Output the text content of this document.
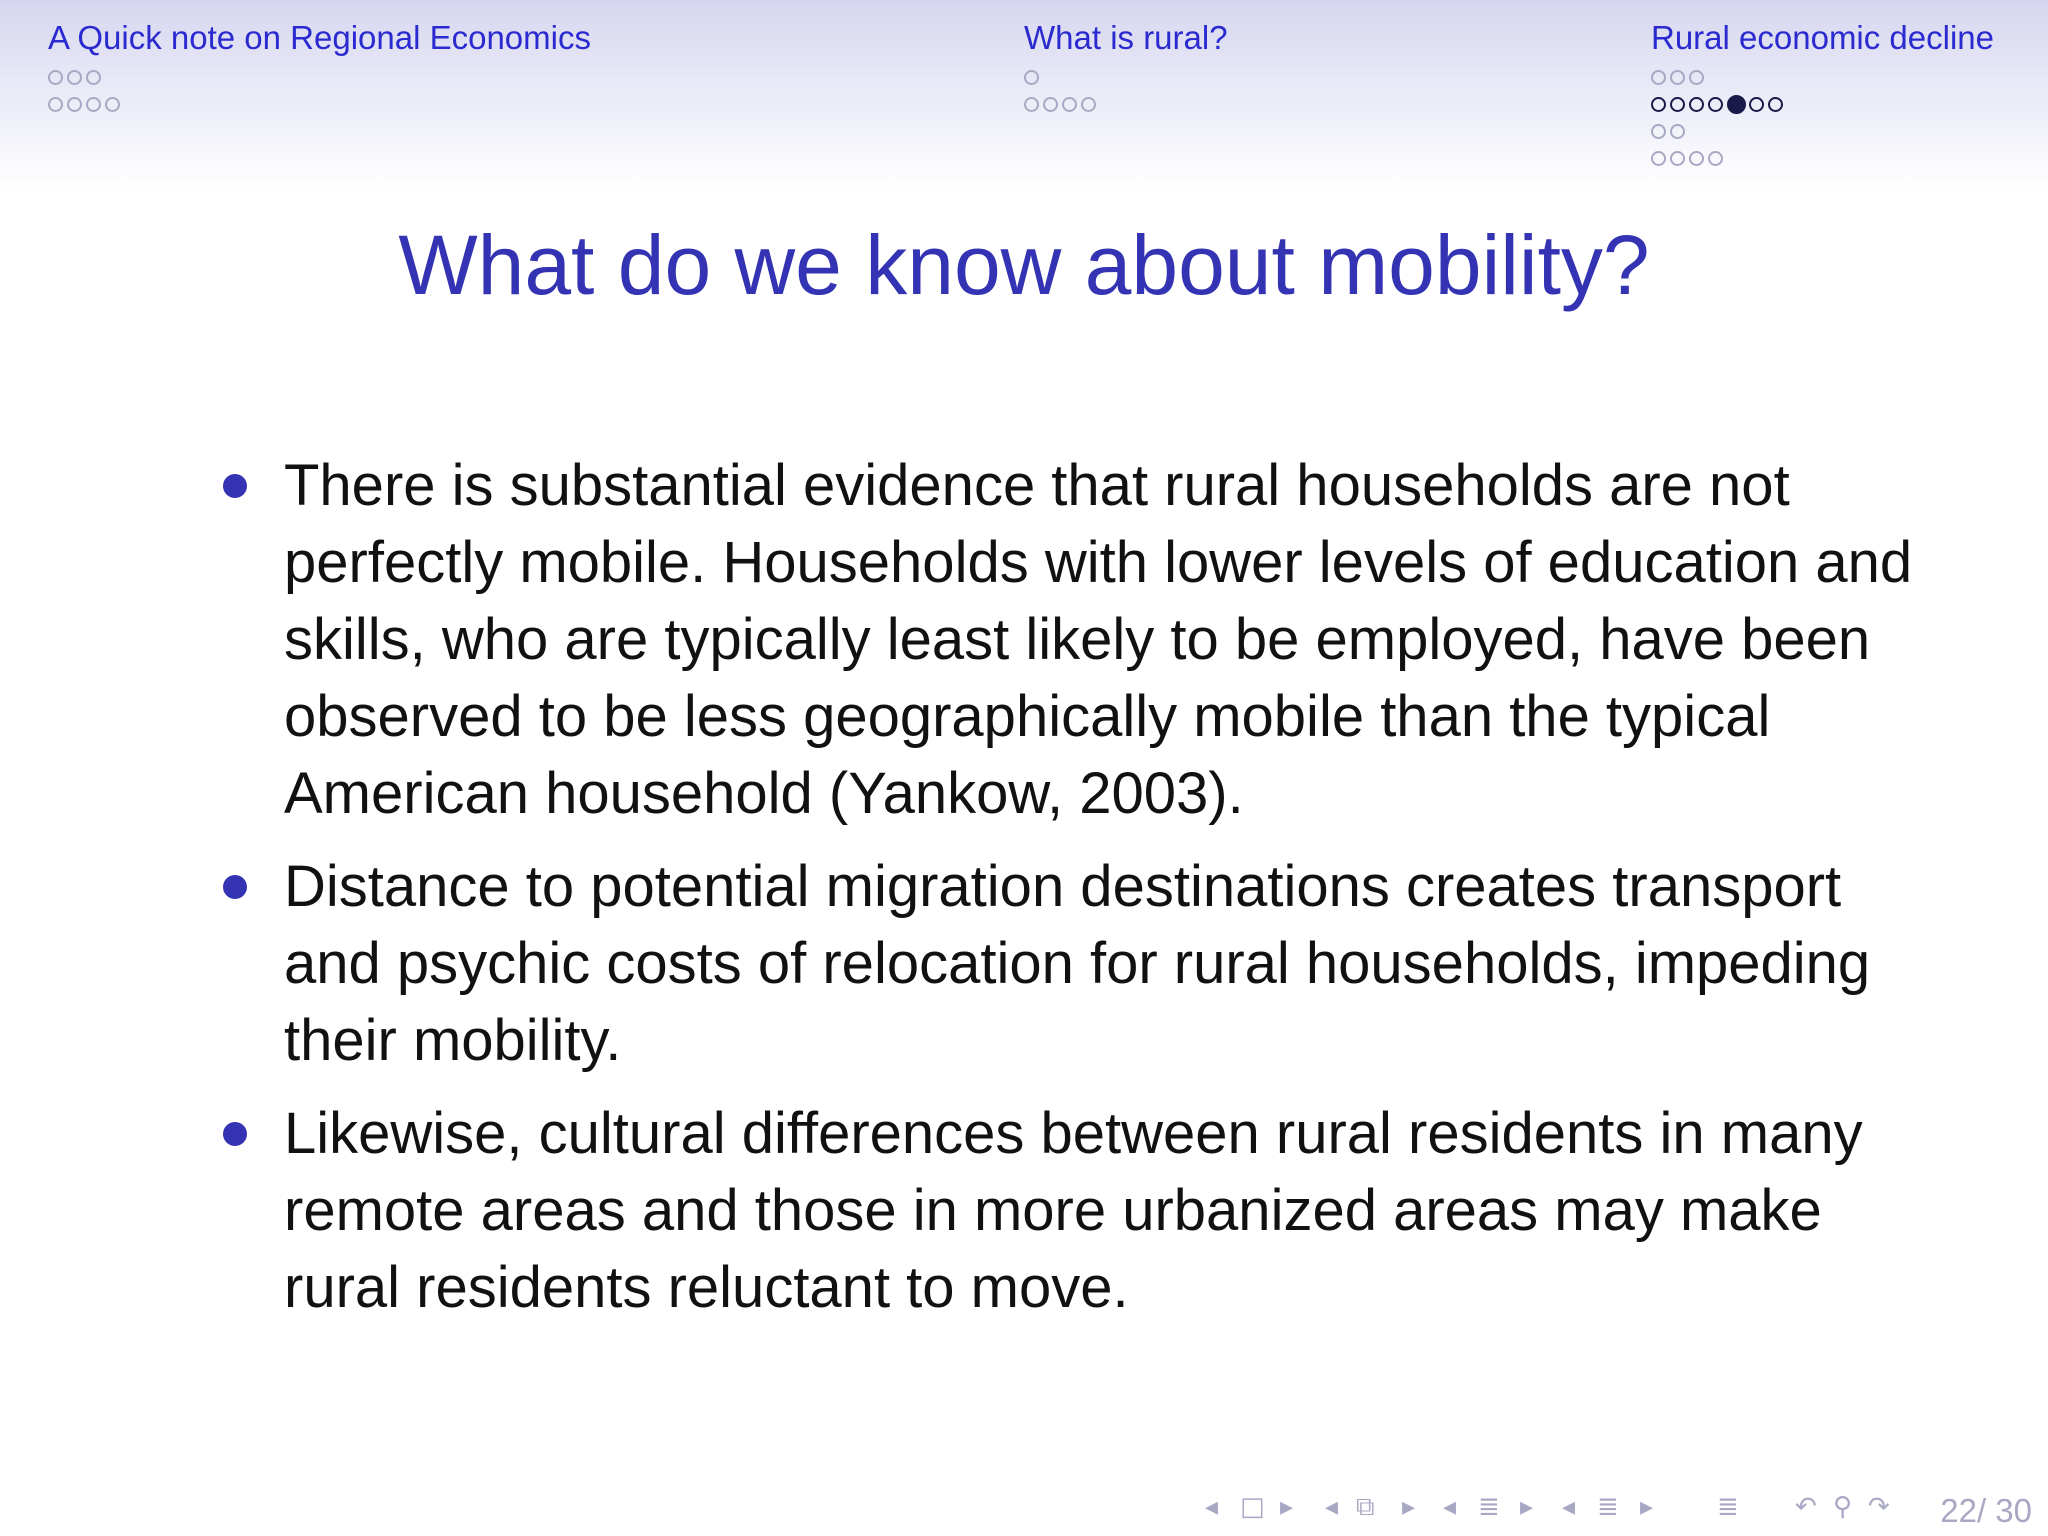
A Quick note on Regional Economics	What is rural?	Rural economic decline
What do we know about mobility?
There is substantial evidence that rural households are not perfectly mobile. Households with lower levels of education and skills, who are typically least likely to be employed, have been observed to be less geographically mobile than the typical American household (Yankow, 2003).
Distance to potential migration destinations creates transport and psychic costs of relocation for rural households, impeding their mobility.
Likewise, cultural differences between rural residents in many remote areas and those in more urbanized areas may make rural residents reluctant to move.
◂ □ ▸ ◂ ⧉ ▸ ◂ ≣ ▸ ◂ ≣ ▸ ≣ ↶ ⚲ ↷ 22/ 30
